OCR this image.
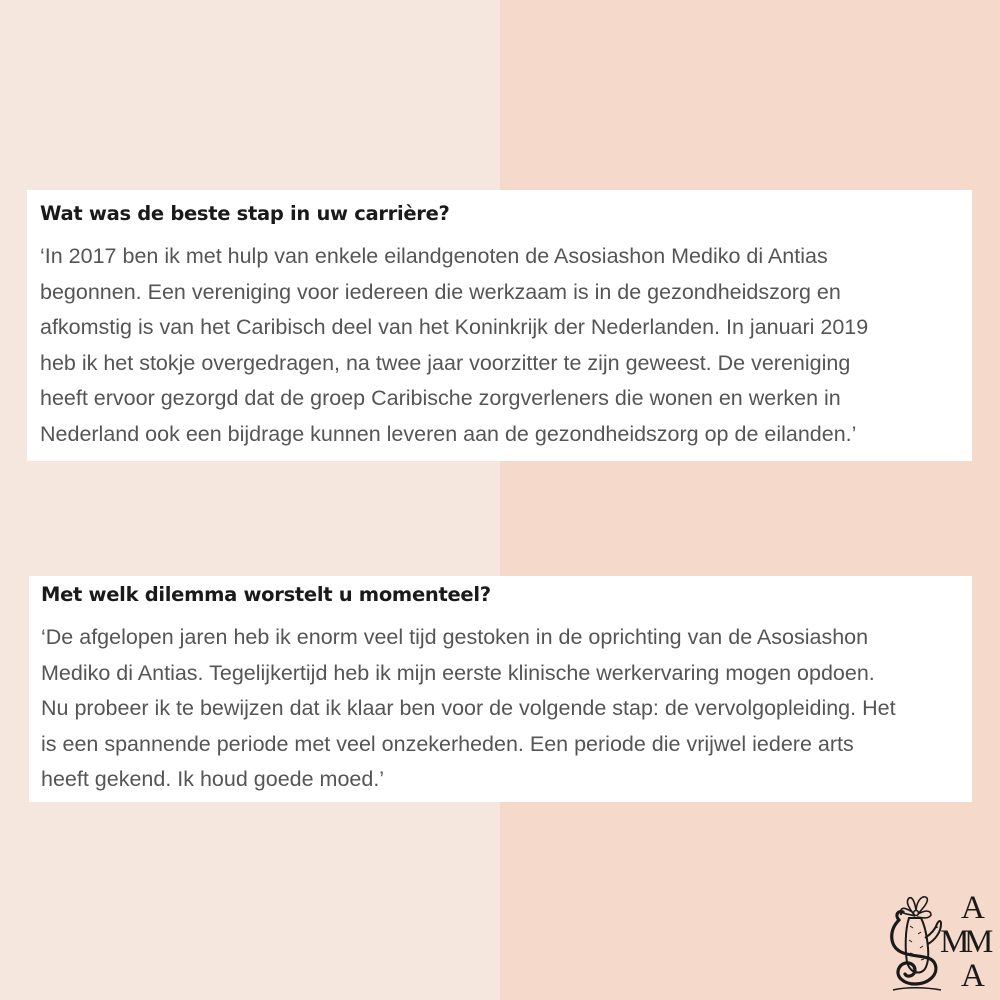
Wat was de beste stap in uw carrière?

‘In 2017 ben ik met hulp van enkele eilandgenoten de Asosiashon Mediko di Antias
begonnen. Een vereniging voor iedereen die werkzaam is in de gezondheidszorg en
afkomstig is van het Caribisch deel van het Koninkrijk der Nederlanden. In januari 2019
heb ik het stokje overgedragen, na twee jaar voorzitter te zijn geweest. De vereniging
heeft ervoor gezorgd dat de groep Caribische zorgverleners die wonen en werken in
Nederland ook een bijdrage kunnen leveren aan de gezondheidszorg op de eilanden.’

Met welk dilemma worstelt u momenteel?

‘De afgelopen jaren heb ik enorm veel tijd gestoken in de oprichting van de Asosiashon
Mediko di Antias. Tegelijkertijd heb ik mijn eerste klinische werkervaring mogen opdoen.
Nu probeer ik te bewijzen dat ik klaar ben voor de volgende stap: de vervolgopleiding. Het
is een spannende periode met veel onzekerheden. Een periode die vrijwel iedere arts
heeft gekend. Ik houd goede moed.’

A
M
M
A
